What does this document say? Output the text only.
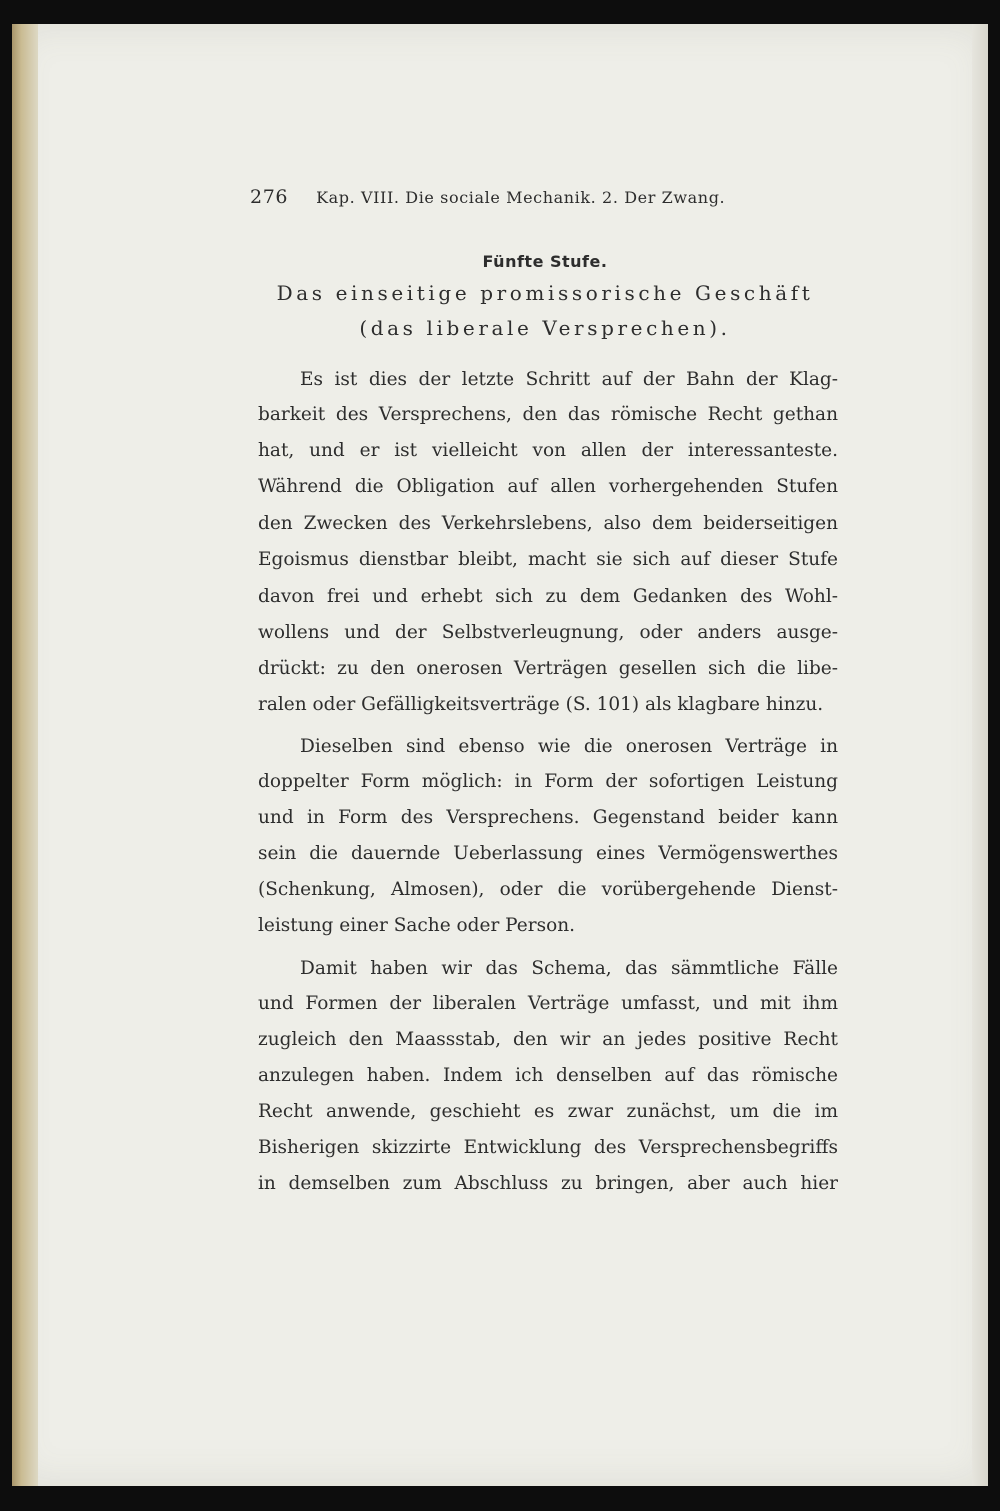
276 Kap. VIII. Die sociale Mechanik. 2. Der Zwang.
Fünfte Stufe.
Das einseitige promissorische Geschäft
(das liberale Versprechen).
Es ist dies der letzte Schritt auf der Bahn der Klag-
barkeit des Versprechens, den das römische Recht gethan
hat, und er ist vielleicht von allen der interessanteste.
Während die Obligation auf allen vorhergehenden Stufen
den Zwecken des Verkehrslebens, also dem beiderseitigen
Egoismus dienstbar bleibt, macht sie sich auf dieser Stufe
davon frei und erhebt sich zu dem Gedanken des Wohl-
wollens und der Selbstverleugnung, oder anders ausge-
drückt: zu den onerosen Verträgen gesellen sich die libe-
ralen oder Gefälligkeitsverträge (S. 101) als klagbare hinzu.
Dieselben sind ebenso wie die onerosen Verträge in
doppelter Form möglich: in Form der sofortigen Leistung
und in Form des Versprechens. Gegenstand beider kann
sein die dauernde Ueberlassung eines Vermögenswerthes
(Schenkung, Almosen), oder die vorübergehende Dienst-
leistung einer Sache oder Person.
Damit haben wir das Schema, das sämmtliche Fälle
und Formen der liberalen Verträge umfasst, und mit ihm
zugleich den Maassstab, den wir an jedes positive Recht
anzulegen haben. Indem ich denselben auf das römische
Recht anwende, geschieht es zwar zunächst, um die im
Bisherigen skizzirte Entwicklung des Versprechensbegriffs
in demselben zum Abschluss zu bringen, aber auch hier
